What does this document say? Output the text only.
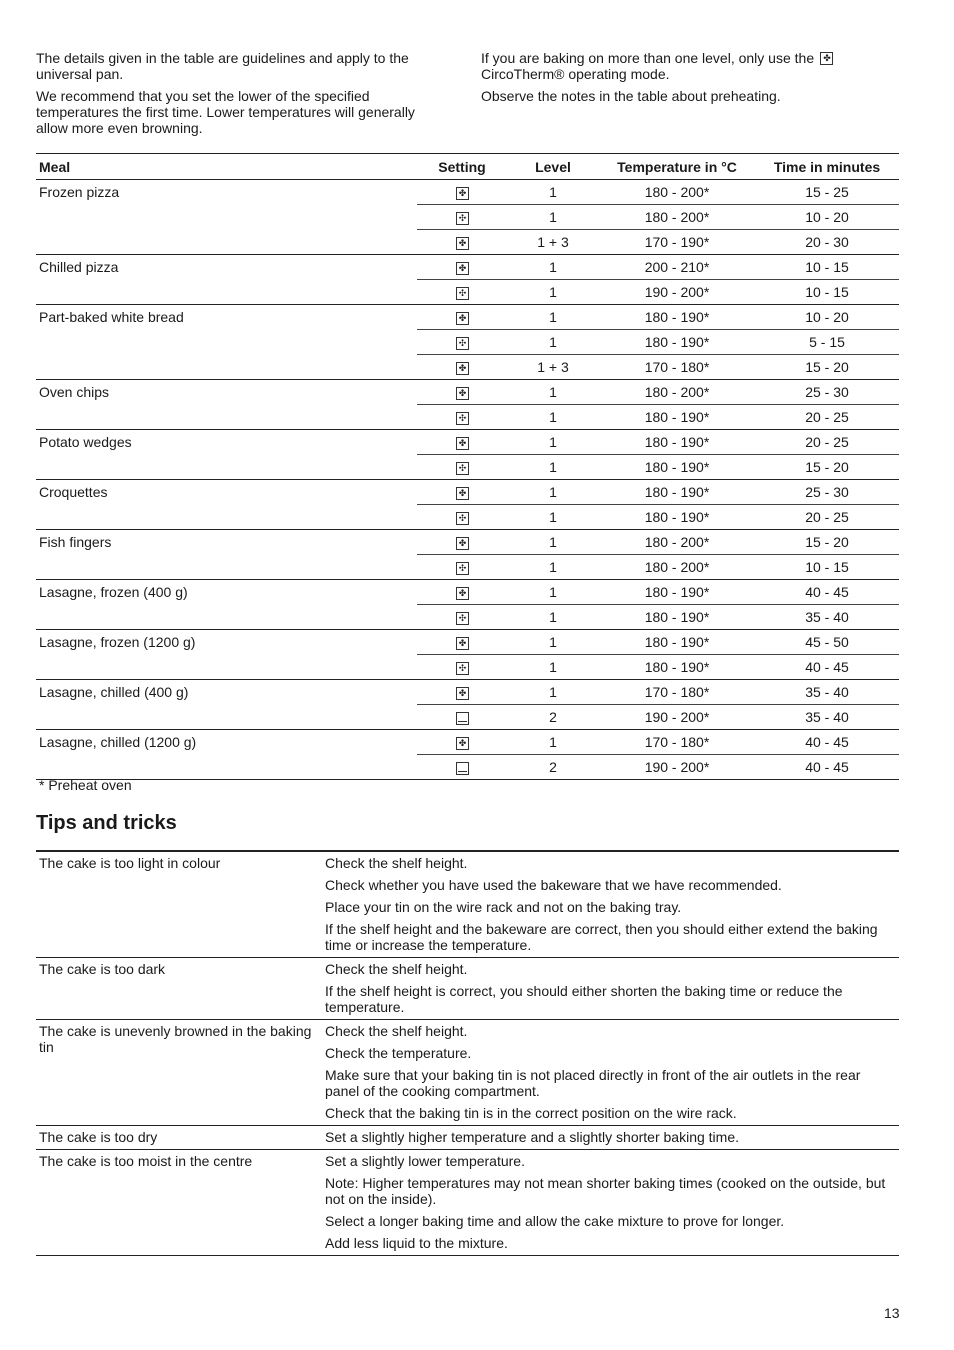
The details given in the table are guidelines and apply to the universal pan.

We recommend that you set the lower of the specified temperatures the first time. Lower temperatures will generally allow more even browning.

If you are baking on more than one level, only use the ✤
CircoTherm® operating mode.

Observe the notes in the table about preheating.

Meal	Setting	Level	Temperature in °C	Time in minutes
Frozen pizza	✤	1	180 - 200*	15 - 25

	✣	1	180 - 200*	10 - 20

	✤	1 + 3	170 - 190*	20 - 30
Chilled pizza	✤	1	200 - 210*	10 - 15

	✣	1	190 - 200*	10 - 15
Part-baked white bread	✤	1	180 - 190*	10 - 20

	✣	1	180 - 190*	5 - 15

	✤	1 + 3	170 - 180*	15 - 20
Oven chips	✤	1	180 - 200*	25 - 30

	✣	1	180 - 190*	20 - 25
Potato wedges	✤	1	180 - 190*	20 - 25

	✣	1	180 - 190*	15 - 20
Croquettes	✤	1	180 - 190*	25 - 30

	✣	1	180 - 190*	20 - 25
Fish fingers	✤	1	180 - 200*	15 - 20

	✣	1	180 - 200*	10 - 15
Lasagne, frozen (400 g)	✤	1	180 - 190*	40 - 45

	✣	1	180 - 190*	35 - 40
Lasagne, frozen (1200 g)	✤	1	180 - 190*	45 - 50

	✣	1	180 - 190*	40 - 45
Lasagne, chilled (400 g)	✤	1	170 - 180*	35 - 40
		2	190 - 200*	35 - 40
Lasagne, chilled (1200 g)	✤	1	170 - 180*	40 - 45
		2	190 - 200*	40 - 45
* Preheat oven
Tips and tricks
The cake is too light in colour	Check the shelf height.

Check whether you have used the bakeware that we have recommended.

Place your tin on the wire rack and not on the baking tray.

If the shelf height and the bakeware are correct, then you should either extend the baking time or increase the temperature.

The cake is too dark	Check the shelf height.

If the shelf height is correct, you should either shorten the baking time or reduce the temperature.

The cake is unevenly browned in the baking tin	Check the shelf height.

Check the temperature.

Make sure that your baking tin is not placed directly in front of the air outlets in the rear panel of the cooking compartment.

Check that the baking tin is in the correct position on the wire rack.

The cake is too dry	Set a slightly higher temperature and a slightly shorter baking time.

The cake is too moist in the centre	Set a slightly lower temperature.

Note: Higher temperatures may not mean shorter baking times (cooked on the outside, but not on the inside).

Select a longer baking time and allow the cake mixture to prove for longer.

Add less liquid to the mixture.

13
